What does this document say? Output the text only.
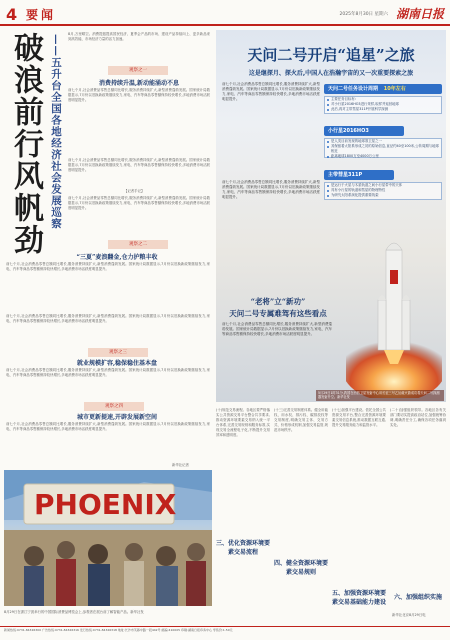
4 要闻	2025年8月30日 星期六 湖南日报
破浪前行风帆劲 ——五升台全国各地经济社会发展巡察	8月,万里晴空。消费提振提高国民经济、夏季会产品的市场、建设产品持续向上、更多新品来到高效能、市场经济力量的活力加速。
观察之一
消费持续升温,新动能涌动不息
前七个月,社会消费品零售总额同比增长,服务消费持续扩大,新型消费蓬勃发展。国家统计局数据显示,7月份以旧换新政策继续发力,家电、汽车等商品零售额保持较快增长,多地消费市场活跃度明显提升。
前七个月,社会消费品零售总额同比增长,服务消费持续扩大,新型消费蓬勃发展。国家统计局数据显示,7月份以旧换新政策继续发力,家电、汽车等商品零售额保持较快增长,多地消费市场活跃度明显提升。
【记者手记】
前七个月,社会消费品零售总额同比增长,服务消费持续扩大,新型消费蓬勃发展。国家统计局数据显示,7月份以旧换新政策继续发力,家电、汽车等商品零售额保持较快增长,多地消费市场活跃度明显提升。
观察之二
“三夏”麦浪翻金,仓力护粮丰收
前七个月,社会消费品零售总额同比增长,服务消费持续扩大,新型消费蓬勃发展。国家统计局数据显示,7月份以旧换新政策继续发力,家电、汽车等商品零售额保持较快增长,多地消费市场活跃度明显提升。
前七个月,社会消费品零售总额同比增长,服务消费持续扩大,新型消费蓬勃发展。国家统计局数据显示,7月份以旧换新政策继续发力,家电、汽车等商品零售额保持较快增长,多地消费市场活跃度明显提升。
观察之三
就业规模扩容,稳保稳住基本盘
前七个月,社会消费品零售总额同比增长,服务消费持续扩大,新型消费蓬勃发展。国家统计局数据显示,7月份以旧换新政策继续发力,家电、汽车等商品零售额保持较快增长,多地消费市场活跃度明显提升。
观察之四
城市更新提速,开辟发展新空间
前七个月,社会消费品零售总额同比增长,服务消费持续扩大,新型消费蓬勃发展。国家统计局数据显示,7月份以旧换新政策继续发力,家电、汽车等商品零售额保持较快增长,多地消费市场活跃度明显提升。
新华社记者
PHOENIX
8月29日在浙江宁波举行的中国国际消费品博览会上,参观者在展台前了解智能产品。新华社发
天问二号开启“追星”之旅
这是继探月、探火后,中国人在浩瀚宇宙的又一次重要探索之旅
前七个月,社会消费品零售总额同比增长,服务消费持续扩大,新型消费蓬勃发展。国家统计局数据显示,7月份以旧换新政策继续发力,家电、汽车等商品零售额保持较快增长,多地消费市场活跃度明显提升。
前七个月,社会消费品零售总额同比增长,服务消费持续扩大,新型消费蓬勃发展。国家统计局数据显示,7月份以旧换新政策继续发力,家电、汽车等商品零售额保持较快增长,多地消费市场活跃度明显提升。
天问二号任务设计周期 10年左右
主要任务目标有:
对小行星2016HO3进行采样,取样并返回地球
此后,再对主带彗星311P开展科学探测
小行星2016HO3
是人类目前发现的地球准卫星之一
其保留着太阳系形成之初的原始信息,直径约40至100米,公转周期与地球相近
距离地球1800万至4000万公里
主带彗星311P
是运行于火星与木星轨道之间小行星带中的天体
具有小行星的轨道和彗星的物理特性
为研究太阳系演化提供重要线索
“老将”立“新功”
天问二号专属难驾有这些看点
前七个月,社会消费品零售总额同比增长,服务消费持续扩大,新型消费蓬勃发展。国家统计局数据显示,7月份以旧换新政策继续发力,家电、汽车等商品零售额保持较快增长,多地消费市场活跃度明显提升。
5月29日1时31分,我国在西昌卫星发射中心用长征三号乙运载火箭成功将天问二号探测器发射升空。新华社发
(十)规范交易流程。各地区要严格落实公共资源交易平台整合共享要求,推动资源环境要素交易纳入统一平台体系,完善交易规则和服务标准,实现交易全流程电子化,不断提升交易效率和透明度。
三、优化资源环境要素交易流程
(十三)完善交易制度体系。健全用能权、用水权、排污权、碳排放权等交易制度,明确交易主体、交易方式、价格形成机制,加强交易监管,规范市场秩序。
四、健全资源环境要素交易规则
(十七)加强平台建设。依托全国公共资源交易平台,整合完善资源环境要素交易信息系统,推动数据互联互通,提升交易服务能力和监管水平。
五、加强资源环境要素交易基础能力建设
(二十)加强组织领导。各地区各有关部门要切实提高政治站位,加强统筹协调,明确责任分工,确保各项任务落到实处。
六、加强组织实施
新华社北京8月29日电
新闻热线:0731-84326300 广告热线:0731-84326316 发行热线:0731-84326318 地址:长沙市芙蓉中路一段442号 邮编:410005 印刷:湖南日报印务中心 零售价:1.50元
